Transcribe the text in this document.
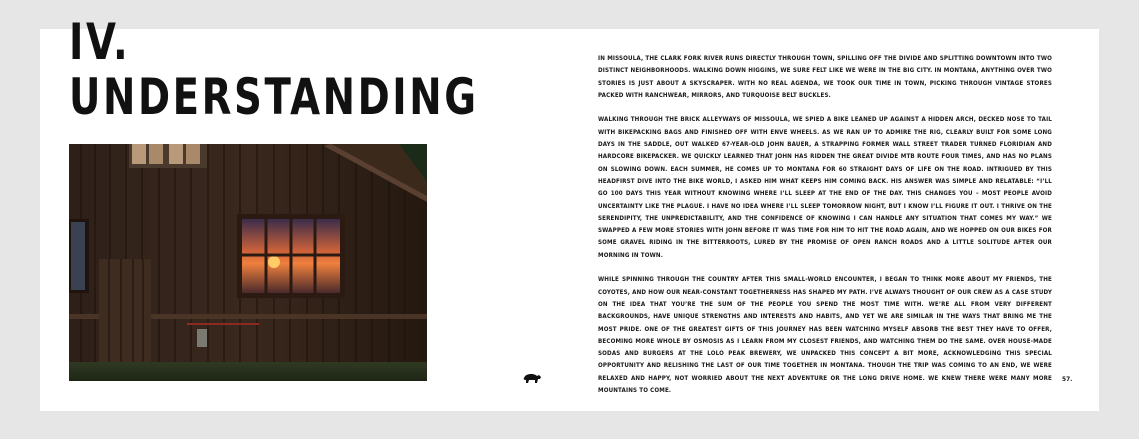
IV.
UNDERSTANDING

IN MISSOULA, THE CLARK FORK RIVER RUNS DIRECTLY THROUGH TOWN, SPILLING OFF THE DIVIDE AND SPLITTING DOWNTOWN INTO TWO DISTINCT NEIGHBORHOODS. WALKING DOWN HIGGINS, WE SURE FELT LIKE WE WERE IN THE BIG CITY. IN MONTANA, ANYTHING OVER TWO STORIES IS JUST ABOUT A SKYSCRAPER. WITH NO REAL AGENDA, WE TOOK OUR TIME IN TOWN, PICKING THROUGH VINTAGE STORES PACKED WITH RANCHWEAR, MIRRORS, AND TURQUOISE BELT BUCKLES.

WALKING THROUGH THE BRICK ALLEYWAYS OF MISSOULA, WE SPIED A BIKE LEANED UP AGAINST A HIDDEN ARCH, DECKED NOSE TO TAIL WITH BIKEPACKING BAGS AND FINISHED OFF WITH ENVE WHEELS. AS WE RAN UP TO ADMIRE THE RIG, CLEARLY BUILT FOR SOME LONG DAYS IN THE SADDLE, OUT WALKED 67-YEAR-OLD JOHN BAUER, A STRAPPING FORMER WALL STREET TRADER TURNED FLORIDIAN AND HARDCORE BIKEPACKER. WE QUICKLY LEARNED THAT JOHN HAS RIDDEN THE GREAT DIVIDE MTB ROUTE FOUR TIMES, AND HAS NO PLANS ON SLOWING DOWN. EACH SUMMER, HE COMES UP TO MONTANA FOR 60 STRAIGHT DAYS OF LIFE ON THE ROAD. INTRIGUED BY THIS HEADFIRST DIVE INTO THE BIKE WORLD, I ASKED HIM WHAT KEEPS HIM COMING BACK. HIS ANSWER WAS SIMPLE AND RELATABLE: “I’LL GO 100 DAYS THIS YEAR WITHOUT KNOWING WHERE I’LL SLEEP AT THE END OF THE DAY. THIS CHANGES YOU – MOST PEOPLE AVOID UNCERTAINTY LIKE THE PLAGUE. I HAVE NO IDEA WHERE I’LL SLEEP TOMORROW NIGHT, BUT I KNOW I’LL FIGURE IT OUT. I THRIVE ON THE SERENDIPITY, THE UNPREDICTABILITY, AND THE CONFIDENCE OF KNOWING I CAN HANDLE ANY SITUATION THAT COMES MY WAY.” WE SWAPPED A FEW MORE STORIES WITH JOHN BEFORE IT WAS TIME FOR HIM TO HIT THE ROAD AGAIN, AND WE HOPPED ON OUR BIKES FOR SOME GRAVEL RIDING IN THE BITTERROOTS, LURED BY THE PROMISE OF OPEN RANCH ROADS AND A LITTLE SOLITUDE AFTER OUR MORNING IN TOWN.

WHILE SPINNING THROUGH THE COUNTRY AFTER THIS SMALL-WORLD ENCOUNTER, I BEGAN TO THINK MORE ABOUT MY FRIENDS, THE COYOTES, AND HOW OUR NEAR-CONSTANT TOGETHERNESS HAS SHAPED MY PATH. I’VE ALWAYS THOUGHT OF OUR CREW AS A CASE STUDY ON THE IDEA THAT YOU’RE THE SUM OF THE PEOPLE YOU SPEND THE MOST TIME WITH. WE’RE ALL FROM VERY DIFFERENT BACKGROUNDS, HAVE UNIQUE STRENGTHS AND INTERESTS AND HABITS, AND YET WE ARE SIMILAR IN THE WAYS THAT BRING ME THE MOST PRIDE. ONE OF THE GREATEST GIFTS OF THIS JOURNEY HAS BEEN WATCHING MYSELF ABSORB THE BEST THEY HAVE TO OFFER, BECOMING MORE WHOLE BY OSMOSIS AS I LEARN FROM MY CLOSEST FRIENDS, AND WATCHING THEM DO THE SAME. OVER HOUSE-MADE SODAS AND BURGERS AT THE LOLO PEAK BREWERY, WE UNPACKED THIS CONCEPT A BIT MORE, ACKNOWLEDGING THIS SPECIAL OPPORTUNITY AND RELISHING THE LAST OF OUR TIME TOGETHER IN MONTANA. THOUGH THE TRIP WAS COMING TO AN END, WE WERE RELAXED AND HAPPY, NOT WORRIED ABOUT THE NEXT ADVENTURE OR THE LONG DRIVE HOME. WE KNEW THERE WERE MANY MORE MOUNTAINS TO COME.

57.
